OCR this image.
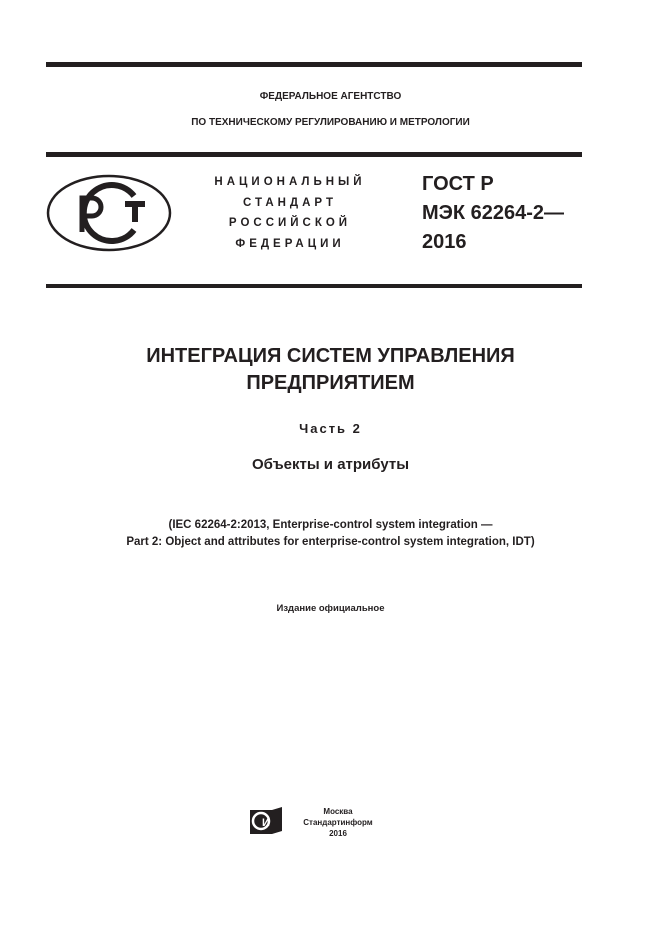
ФЕДЕРАЛЬНОЕ АГЕНТСТВО
ПО ТЕХНИЧЕСКОМУ РЕГУЛИРОВАНИЮ И МЕТРОЛОГИИ
НАЦИОНАЛЬНЫЙ
СТАНДАРТ
РОССИЙСКОЙ
ФЕДЕРАЦИИ
ГОСТ Р
МЭК 62264-2—
2016
ИНТЕГРАЦИЯ СИСТЕМ УПРАВЛЕНИЯ
ПРЕДПРИЯТИЕМ
Часть 2
Объекты и атрибуты
(IEC 62264-2:2013, Enterprise-control system integration —
Part 2: Object and attributes for enterprise-control system integration, IDT)
Издание официальное
И
Москва
Стандартинформ
2016
